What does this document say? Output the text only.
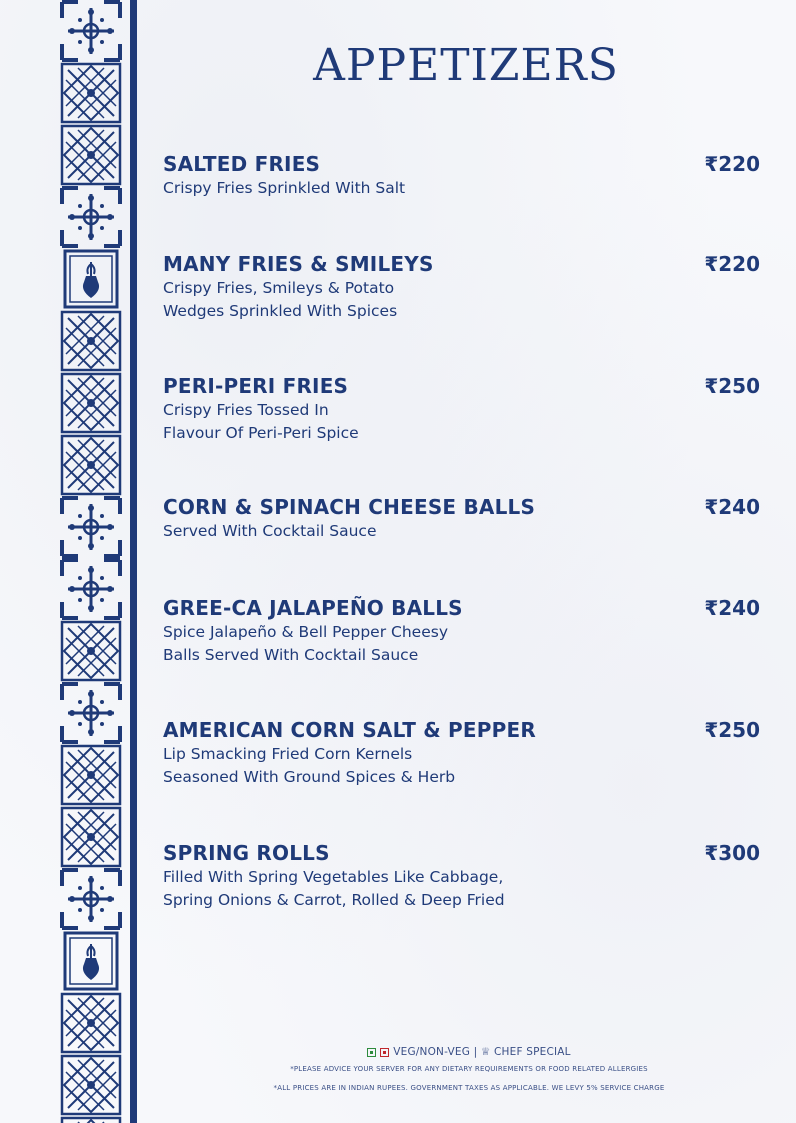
APPETIZERS
SALTED FRIES	₹220
Crispy Fries Sprinkled With Salt
MANY FRIES & SMILEYS	₹220
Crispy Fries, Smileys & Potato
Wedges Sprinkled With Spices
PERI-PERI FRIES	₹250
Crispy Fries Tossed In
Flavour Of Peri-Peri Spice
CORN & SPINACH CHEESE BALLS	₹240
Served With Cocktail Sauce
GREE-CA JALAPEÑO BALLS	₹240
Spice Jalapeño & Bell Pepper Cheesy
Balls Served With Cocktail Sauce
AMERICAN CORN SALT & PEPPER	₹250
Lip Smacking Fried Corn Kernels
Seasoned With Ground Spices & Herb
SPRING ROLLS	₹300
Filled With Spring Vegetables Like Cabbage,
Spring Onions & Carrot, Rolled & Deep Fried
VEG/NON-VEG | ♕ CHEF SPECIAL
*PLEASE ADVICE YOUR SERVER FOR ANY DIETARY REQUIREMENTS OR FOOD RELATED ALLERGIES
*ALL PRICES ARE IN INDIAN RUPEES. GOVERNMENT TAXES AS APPLICABLE. WE LEVY 5% SERVICE CHARGE
